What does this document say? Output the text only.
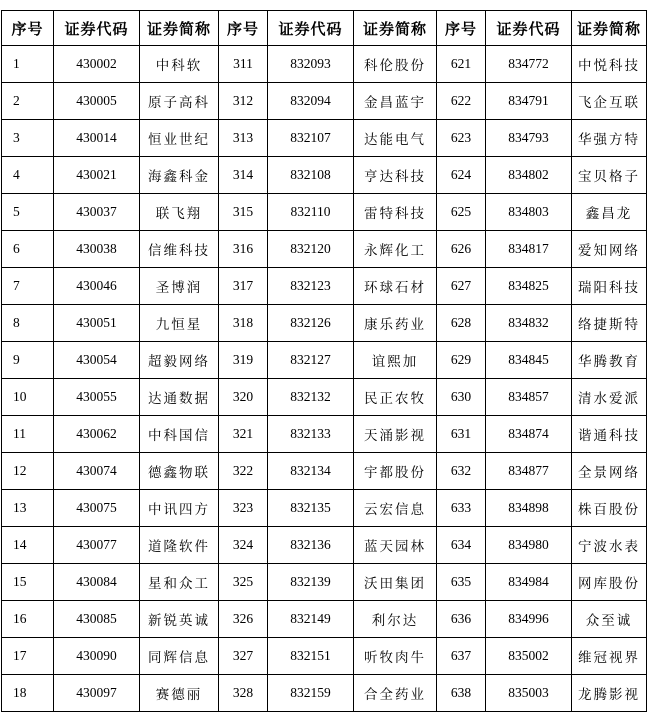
序号	证券代码	证券简称	序号	证券代码	证券简称	序号	证券代码	证券简称
1	430002	中科软	311	832093	科伦股份	621	834772	中悦科技
2	430005	原子高科	312	832094	金昌蓝宇	622	834791	飞企互联
3	430014	恒业世纪	313	832107	达能电气	623	834793	华强方特
4	430021	海鑫科金	314	832108	亨达科技	624	834802	宝贝格子
5	430037	联飞翔	315	832110	雷特科技	625	834803	鑫昌龙
6	430038	信维科技	316	832120	永辉化工	626	834817	爱知网络
7	430046	圣博润	317	832123	环球石材	627	834825	瑞阳科技
8	430051	九恒星	318	832126	康乐药业	628	834832	络捷斯特
9	430054	超毅网络	319	832127	谊熙加	629	834845	华腾教育
10	430055	达通数据	320	832132	民正农牧	630	834857	清水爱派
11	430062	中科国信	321	832133	天涌影视	631	834874	谐通科技
12	430074	德鑫物联	322	832134	宇都股份	632	834877	全景网络
13	430075	中讯四方	323	832135	云宏信息	633	834898	株百股份
14	430077	道隆软件	324	832136	蓝天园林	634	834980	宁波水表
15	430084	星和众工	325	832139	沃田集团	635	834984	网库股份
16	430085	新锐英诚	326	832149	利尔达	636	834996	众至诚
17	430090	同辉信息	327	832151	听牧肉牛	637	835002	维冠视界
18	430097	赛德丽	328	832159	合全药业	638	835003	龙腾影视
